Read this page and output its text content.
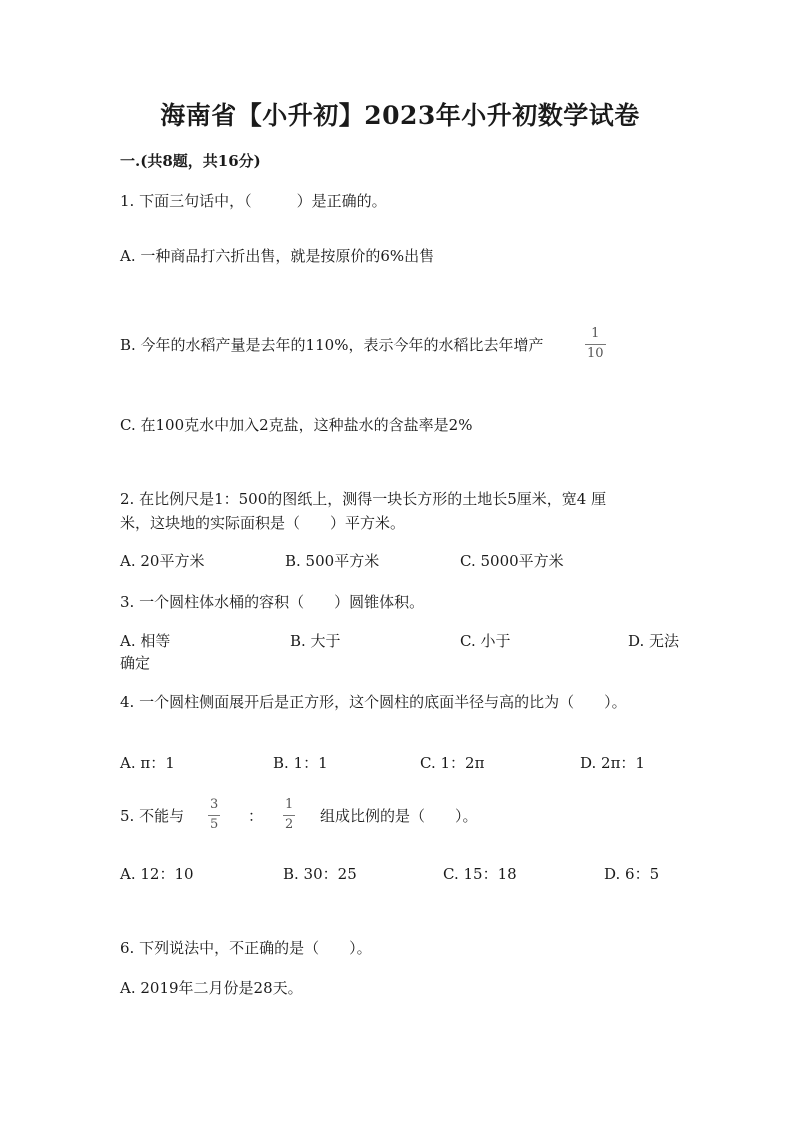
海南省【小升初】2023年小升初数学试卷
一.(共8题，共16分)
1. 下面三句话中，（　　　）是正确的。
A. 一种商品打六折出售，就是按原价的6%出售
B. 今年的水稻产量是去年的110%，表示今年的水稻比去年增产
1
10
C. 在100克水中加入2克盐，这种盐水的含盐率是2%
2. 在比例尺是1：500的图纸上，测得一块长方形的土地长5厘米，宽4 厘
米，这块地的实际面积是（　　）平方米。
A. 20平方米	B. 500平方米	C. 5000平方米
3. 一个圆柱体水桶的容积（　　）圆锥体积。
A. 相等	B. 大于	C. 小于	D. 无法
确定
4. 一个圆柱侧面展开后是正方形，这个圆柱的底面半径与高的比为（　　）。
A. π：1	B. 1：1	C. 1：2π	D. 2π：1
5. 不能与
3
5 ：
1
2 组成比例的是（　　）。
A. 12：10	B. 30：25	C. 15：18	D. 6：5
6. 下列说法中，不正确的是（　　）。
A. 2019年二月份是28天。
